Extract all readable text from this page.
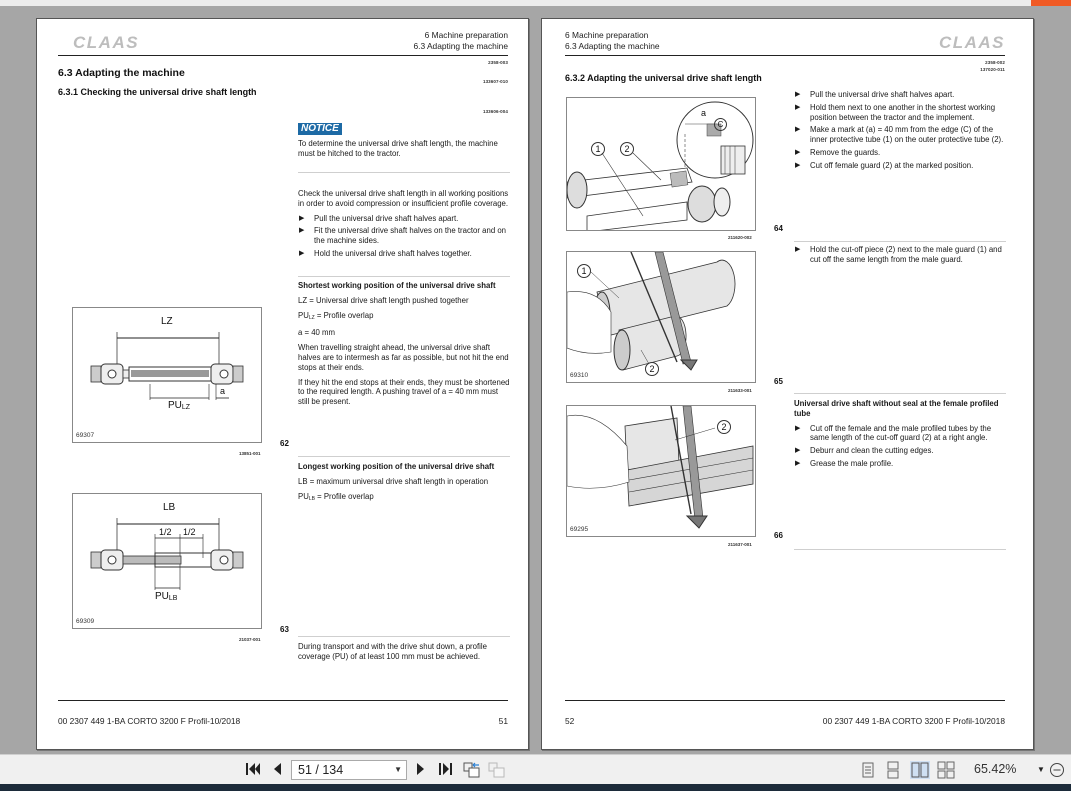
CLAAS	6 Machine preparation
6.3 Adapting the machine
2358-003
6.3 Adapting the machine
133607-010
6.3.1 Checking the universal drive shaft length
133606-004
NOTICE

To determine the universal drive shaft length, the machine must be hitched to the tractor.

Check the universal drive shaft length in all working positions in order to avoid compression or insufficient profile coverage.

▶ Pull the universal drive shaft halves apart.
▶ Fit the universal drive shaft halves on the tractor and on the machine sides.
▶ Hold the universal drive shaft halves together.

Shortest working position of the universal drive shaft

LZ = Universal drive shaft length pushed together

$PU_{LZ}$ = Profile overlap

a = 40 mm

When travelling straight ahead, the universal drive shaft halves are to intermesh as far as possible, but not hit the end stops at their ends.

If they hit the end stops at their ends, they must be shortened to the required length. A pushing travel of a = 40 mm must still be present.

Longest working position of the universal drive shaft

LB = maximum universal drive shaft length in operation

$PU_{LB}$ = Profile overlap

During transport and with the drive shut down, a profile coverage (PU) of at least 100 mm must be achieved.
LZ
$PU_{LZ}$
a
69307
62
13851-001
LB
1/2 1/2
$PU_{LB}$
69309
63
21037-001
00 2307 449 1-BA CORTO 3200 F Profil-10/2018	51
6 Machine preparation
6.3 Adapting the machine	CLAAS
2358-002
137020-011
6.3.2 Adapting the universal drive shaft length
▶ Pull the universal drive shaft halves apart.
▶ Hold them next to one another in the shortest working position between the tractor and the implement.
▶ Make a mark at (a) = 40 mm from the edge (C) of the inner protective tube (1) on the outer protective tube (2).
▶ Remove the guards.
▶ Cut off female guard (2) at the marked position.
▶ Hold the cut-off piece (2) next to the male guard (1) and cut off the same length from the male guard.

Universal drive shaft without seal at the female profiled tube

▶ Cut off the female and the male profiled tubes by the same length of the cut-off guard (2) at a right angle.
▶ Deburr and clean the cutting edges.
▶ Grease the male profile.
1	2
C
a
64
211620-002
1
2
69310
65
211633-001
2
69295
66
211637-001
52	00 2307 449 1-BA CORTO 3200 F Profil-10/2018
51 / 134	▼	65.42%	▼
